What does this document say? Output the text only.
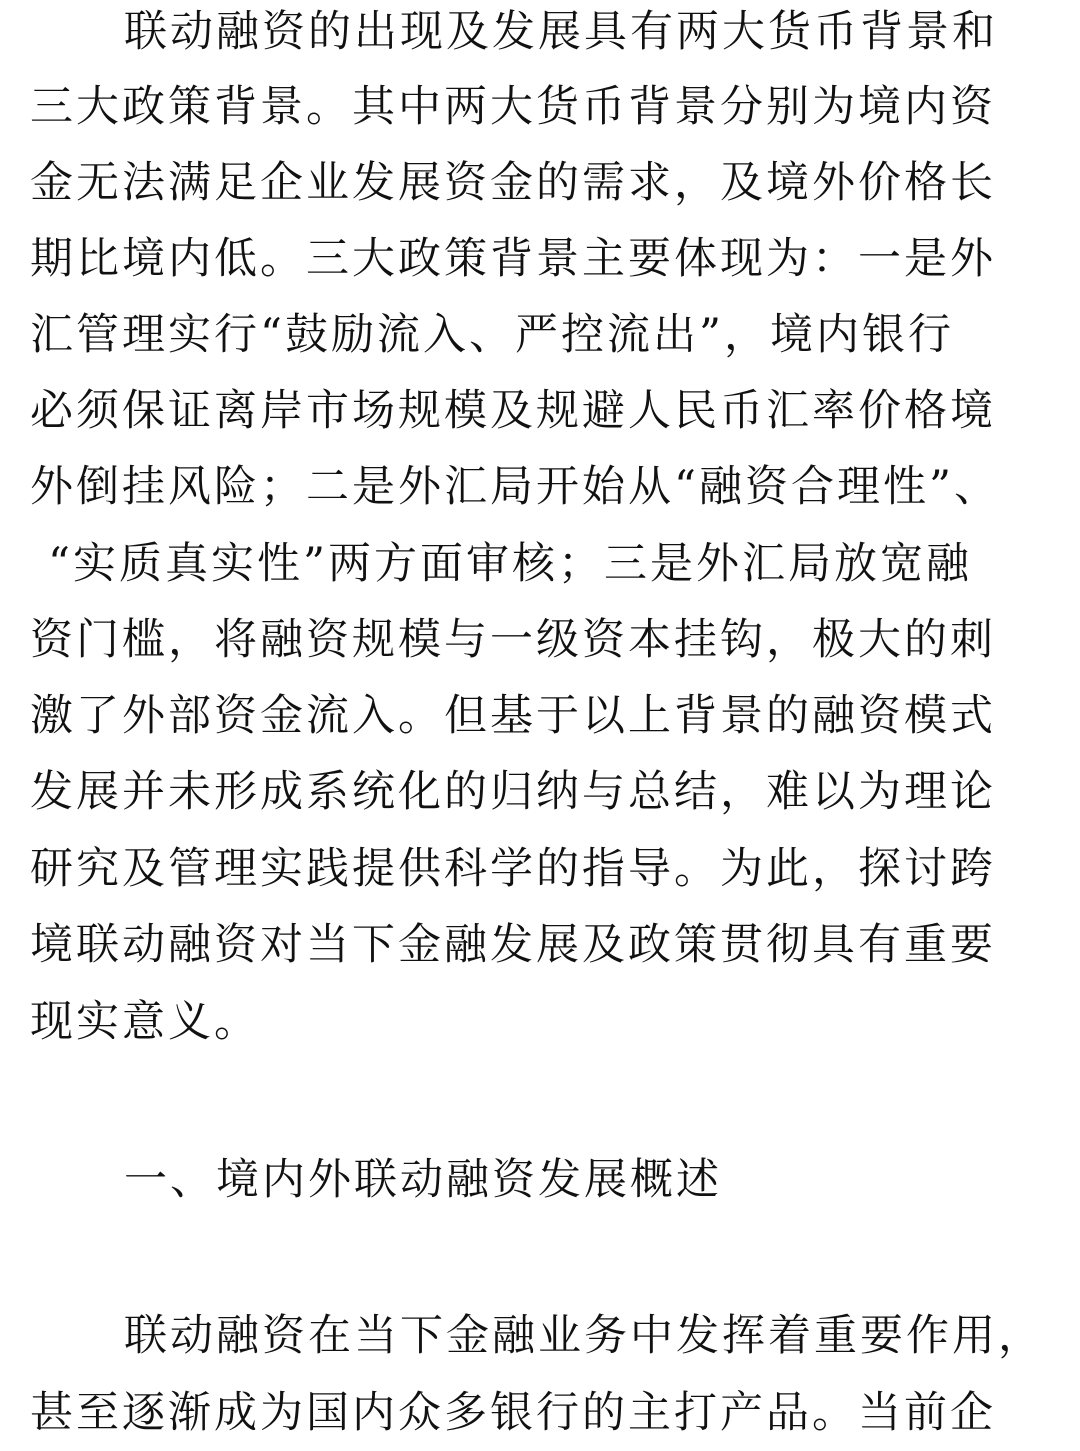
联动融资的出现及发展具有两大货币背景和
三大政策背景。其中两大货币背景分别为境内资
金无法满足企业发展资金的需求，及境外价格长
期比境内低。三大政策背景主要体现为：一是外
汇管理实行“鼓励流入、严控流出”，境内银行
必须保证离岸市场规模及规避人民币汇率价格境
外倒挂风险；二是外汇局开始从“融资合理性”、
“实质真实性”两方面审核；三是外汇局放宽融
资门槛，将融资规模与一级资本挂钩，极大的刺
激了外部资金流入。但基于以上背景的融资模式
发展并未形成系统化的归纳与总结，难以为理论
研究及管理实践提供科学的指导。为此，探讨跨
境联动融资对当下金融发展及政策贯彻具有重要
现实意义。
一、境内外联动融资发展概述
联动融资在当下金融业务中发挥着重要作用，
甚至逐渐成为国内众多银行的主打产品。当前企
